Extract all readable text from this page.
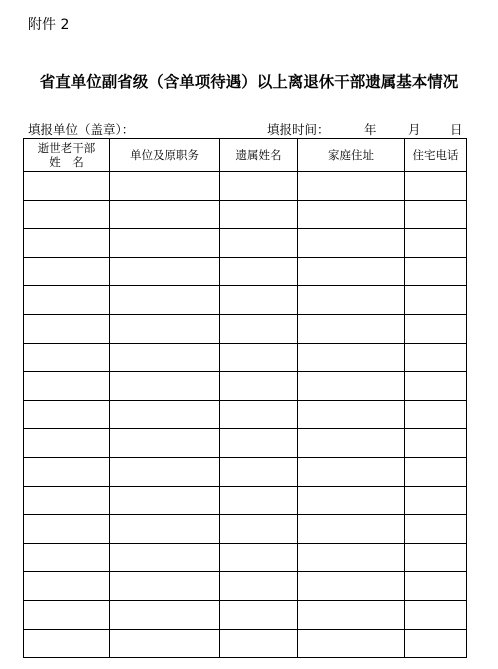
附件 2
省直单位副省级（含单项待遇）以上离退休干部遗属基本情况
填报单位（盖章）：	填报时间：	年	月 日
逝世老干部
姓　名	单位及原职务	遗属姓名	家庭住址	住宅电话
